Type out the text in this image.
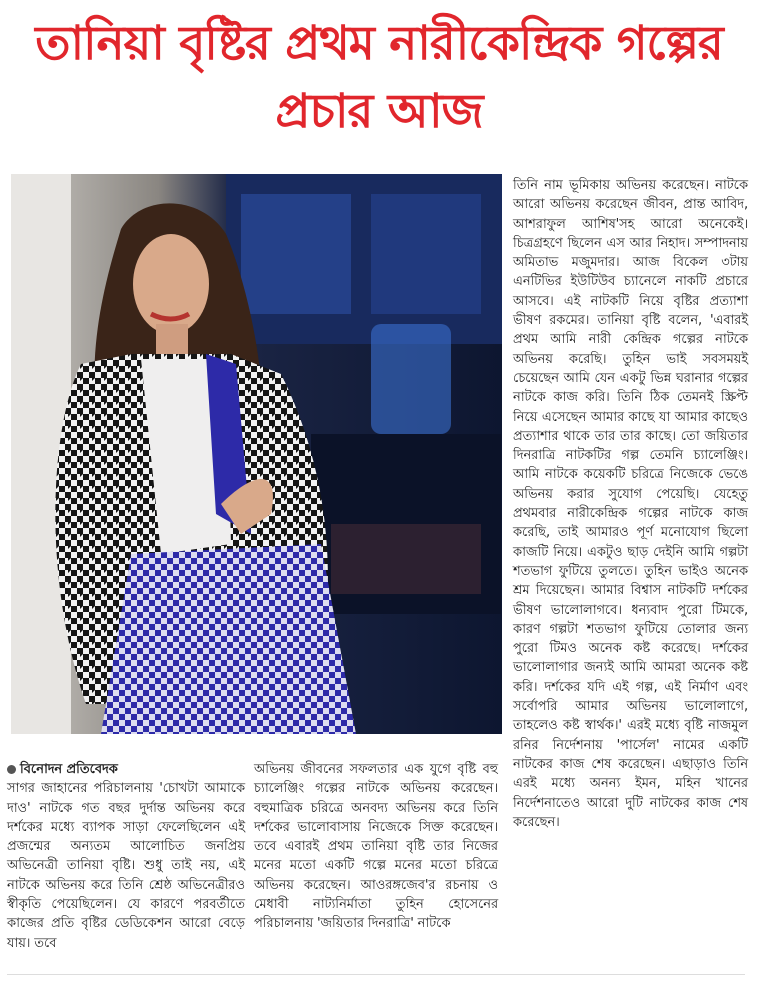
তানিয়া বৃষ্টির প্রথম নারীকেন্দ্রিক গল্পের প্রচার আজ

তিনি নাম ভূমিকায় অভিনয় করেছেন। নাটকে আরো অভিনয় করেছেন জীবন, প্রান্ত আবিদ, আশরাফুল আশিষ'সহ আরো অনেকেই। চিত্রগ্রহণে ছিলেন এস আর নিহাদ। সম্পাদনায় অমিতাভ মজুমদার। আজ বিকেল ৩টায় এনটিভির ইউটিউব চ্যানেলে নাকটি প্রচারে আসবে। এই নাটকটি নিয়ে বৃষ্টির প্রত্যাশা ভীষণ রকমের। তানিয়া বৃষ্টি বলেন, 'এবারই প্রথম আমি নারী কেন্দ্রিক গল্পের নাটকে অভিনয় করেছি। তুহিন ভাই সবসময়ই চেয়েছেন আমি যেন একটু ভিন্ন ঘরানার গল্পের নাটকে কাজ করি। তিনি ঠিক তেমনই স্ক্রিপ্ট নিয়ে এসেছেন আমার কাছে যা আমার কাছেও প্রত্যাশার থাকে তার তার কাছে। তো জয়িতার দিনরাত্রি নাটকটির গল্প তেমনি চ্যালেঞ্জিং। আমি নাটকে কয়েকটি চরিত্রে নিজেকে ভেঙে অভিনয় করার সুযোগ পেয়েছি। যেহেতু প্রথমবার নারীকেন্দ্রিক গল্পের নাটকে কাজ করেছি, তাই আমারও পূর্ণ মনোযোগ ছিলো কাজটি নিয়ে। একটুও ছাড় দেইনি আমি গল্পটা শতভাগ ফুটিয়ে তুলতে। তুহিন ভাইও অনেক শ্রম দিয়েছেন। আমার বিশ্বাস নাটকটি দর্শকের ভীষণ ভালোলাগবে। ধন্যবাদ পুরো টিমকে, কারণ গল্পটা শতভাগ ফুটিয়ে তোলার জন্য পুরো টিমও অনেক কষ্ট করেছে। দর্শকের ভালোলাগার জন্যই আমি আমরা অনেক কষ্ট করি। দর্শকের যদি এই গল্প, এই নির্মাণ এবং সর্বোপরি আমার অভিনয় ভালোলাগে, তাহলেও কষ্ট স্বার্থক।' এরই মধ্যে বৃষ্টি নাজমুল রনির নির্দেশনায় 'পার্সেল' নামের একটি নাটকের কাজ শেষ করেছেন। এছাড়াও তিনি এরই মধ্যে অনন্য ইমন, মহিন খানের নির্দেশনাতেও আরো দুটি নাটকের কাজ শেষ করেছেন।

বিনোদন প্রতিবেদক

সাগর জাহানের পরিচালনায় 'চোখটা আমাকে দাও' নাটকে গত বছর দুর্দান্ত অভিনয় করে দর্শকের মধ্যে ব্যাপক সাড়া ফেলেছিলেন এই প্রজন্মের অন্যতম আলোচিত জনপ্রিয় অভিনেত্রী তানিয়া বৃষ্টি। শুধু তাই নয়, এই নাটকে অভিনয় করে তিনি শ্রেষ্ঠ অভিনেত্রীরও স্বীকৃতি পেয়েছিলেন। যে কারণে পরবর্তীতে কাজের প্রতি বৃষ্টির ডেডিকেশন আরো বেড়ে যায়। তবে

অভিনয় জীবনের সফলতার এক যুগে বৃষ্টি বহু চ্যালেঞ্জিং গল্পের নাটকে অভিনয় করেছেন। বহুমাত্রিক চরিত্রে অনবদ্য অভিনয় করে তিনি দর্শকের ভালোবাসায় নিজেকে সিক্ত করেছেন। তবে এবারই প্রথম তানিয়া বৃষ্টি তার নিজের মনের মতো একটি গল্পে মনের মতো চরিত্রে অভিনয় করেছেন। আওরঙ্গজেব'র রচনায় ও মেধাবী নাট্যনির্মাতা তুহিন হোসেনের পরিচালনায় 'জয়িতার দিনরাত্রি' নাটকে
